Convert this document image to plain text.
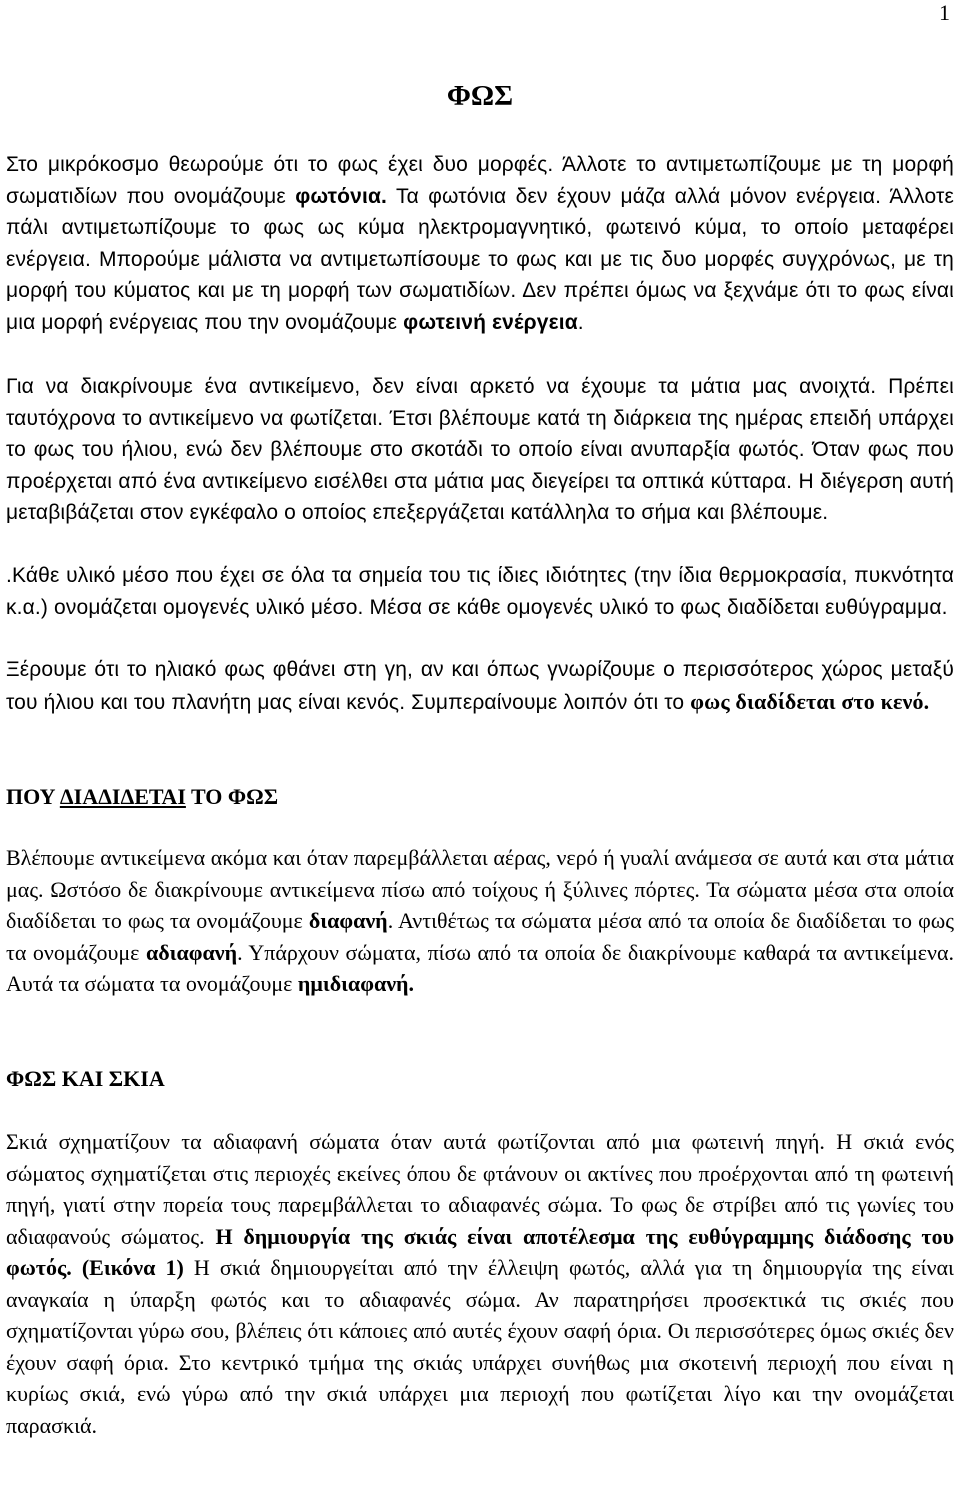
1
ΦΩΣ

Στο μικρόκοσμο θεωρούμε ότι το φως έχει δυο μορφές. Άλλοτε το αντιμετωπίζουμε με τη μορφή σωματιδίων που ονομάζουμε φωτόνια. Τα φωτόνια δεν έχουν μάζα αλλά μόνον ενέργεια. Άλλοτε πάλι αντιμετωπίζουμε το φως ως κύμα ηλεκτρομαγνητικό, φωτεινό κύμα, το οποίο μεταφέρει ενέργεια. Μπορούμε μάλιστα να αντιμετωπίσουμε το φως και με τις δυο μορφές συγχρόνως, με τη μορφή του κύματος και με τη μορφή των σωματιδίων. Δεν πρέπει όμως να ξεχνάμε ότι το φως είναι μια μορφή ενέργειας που την ονομάζουμε φωτεινή ενέργεια.

Για να διακρίνουμε ένα αντικείμενο, δεν είναι αρκετό να έχουμε τα μάτια μας ανοιχτά. Πρέπει ταυτόχρονα το αντικείμενο να φωτίζεται. Έτσι βλέπουμε κατά τη διάρκεια της ημέρας επειδή υπάρχει το φως του ήλιου, ενώ δεν βλέπουμε στο σκοτάδι το οποίο είναι ανυπαρξία φωτός. Όταν φως που προέρχεται από ένα αντικείμενο εισέλθει στα μάτια μας διεγείρει τα οπτικά κύτταρα. Η διέγερση αυτή μεταβιβάζεται στον εγκέφαλο ο οποίος επεξεργάζεται κατάλληλα το σήμα και βλέπουμε.

.Κάθε υλικό μέσο που έχει σε όλα τα σημεία του τις ίδιες ιδιότητες (την ίδια θερμοκρασία, πυκνότητα κ.α.) ονομάζεται ομογενές υλικό μέσο. Μέσα σε κάθε ομογενές υλικό το φως διαδίδεται ευθύγραμμα.

Ξέρουμε ότι το ηλιακό φως φθάνει στη γη, αν και όπως γνωρίζουμε ο περισσότερος χώρος μεταξύ του ήλιου και του πλανήτη μας είναι κενός. Συμπεραίνουμε λοιπόν ότι το φως διαδίδεται στο κενό.

ΠΟΥ ΔΙΑΔΙΔΕΤΑΙ ΤΟ ΦΩΣ

Βλέπουμε αντικείμενα ακόμα και όταν παρεμβάλλεται αέρας, νερό ή γυαλί ανάμεσα σε αυτά και στα μάτια μας. Ωστόσο δε διακρίνουμε αντικείμενα πίσω από τοίχους ή ξύλινες πόρτες. Τα σώματα μέσα στα οποία διαδίδεται το φως τα ονομάζουμε διαφανή. Αντιθέτως τα σώματα μέσα από τα οποία δε διαδίδεται το φως τα ονομάζουμε αδιαφανή. Υπάρχουν σώματα, πίσω από τα οποία δε διακρίνουμε καθαρά τα αντικείμενα. Αυτά τα σώματα τα ονομάζουμε ημιδιαφανή.

ΦΩΣ ΚΑΙ ΣΚΙΑ

Σκιά σχηματίζουν τα αδιαφανή σώματα όταν αυτά φωτίζονται από μια φωτεινή πηγή. Η σκιά ενός σώματος σχηματίζεται στις περιοχές εκείνες όπου δε φτάνουν οι ακτίνες που προέρχονται από τη φωτεινή πηγή, γιατί στην πορεία τους παρεμβάλλεται το αδιαφανές σώμα. Το φως δε στρίβει από τις γωνίες του αδιαφανούς σώματος. Η δημιουργία της σκιάς είναι αποτέλεσμα της ευθύγραμμης διάδοσης του φωτός. (Εικόνα 1) Η σκιά δημιουργείται από την έλλειψη φωτός, αλλά για τη δημιουργία της είναι αναγκαία η ύπαρξη φωτός και το αδιαφανές σώμα. Αν παρατηρήσει προσεκτικά τις σκιές που σχηματίζονται γύρω σου, βλέπεις ότι κάποιες από αυτές έχουν σαφή όρια. Οι περισσότερες όμως σκιές δεν έχουν σαφή όρια. Στο κεντρικό τμήμα της σκιάς υπάρχει συνήθως μια σκοτεινή περιοχή που είναι η κυρίως σκιά, ενώ γύρω από την σκιά υπάρχει μια περιοχή που φωτίζεται λίγο και την ονομάζεται παρασκιά.
